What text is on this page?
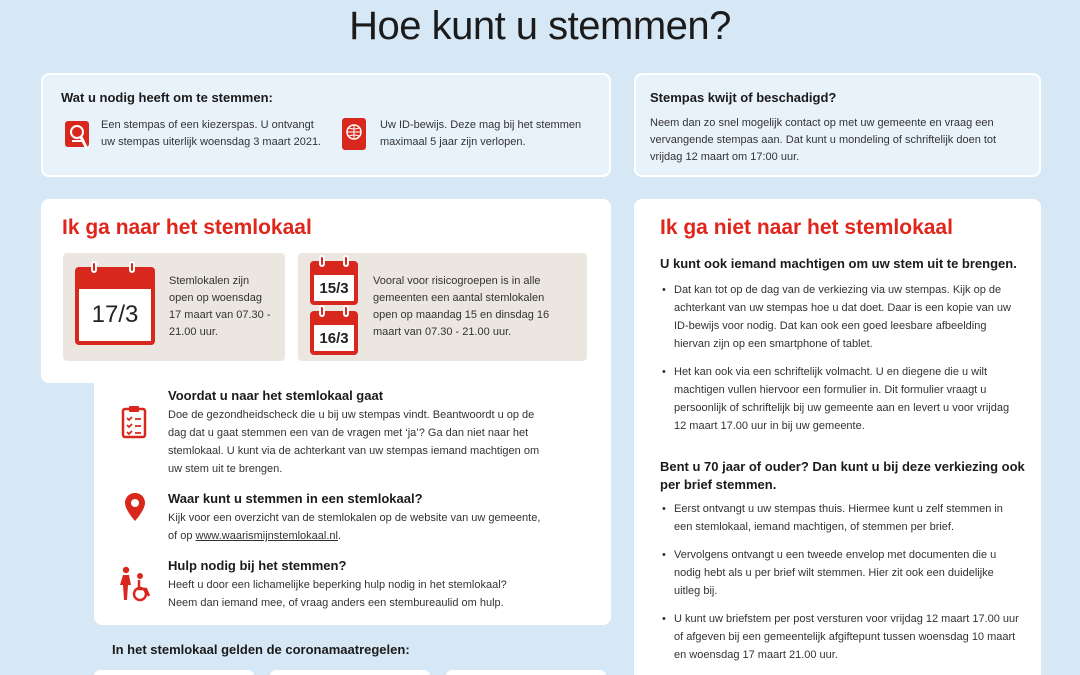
Hoe kunt u stemmen?
Wat u nodig heeft om te stemmen:
Een stempas of een kiezerspas. U ontvangt
uw stempas uiterlijk woensdag 3 maart 2021.
Uw ID-bewijs. Deze mag bij het stemmen
maximaal 5 jaar zijn verlopen.
Stempas kwijt of beschadigd?
Neem dan zo snel mogelijk contact op met uw gemeente en vraag een
vervangende stempas aan. Dat kunt u mondeling of schriftelijk doen tot
vrijdag 12 maart om 17:00 uur.
Ik ga naar het stemlokaal
17/3
Stemlokalen zijn
open op woensdag
17 maart van 07.30 -
21.00 uur.
15/3
16/3
Vooral voor risicogroepen is in alle
gemeenten een aantal stemlokalen
open op maandag 15 en dinsdag 16
maart van 07.30 - 21.00 uur.
Voordat u naar het stemlokaal gaat
Doe de gezondheidscheck die u bij uw stempas vindt. Beantwoordt u op de
dag dat u gaat stemmen een van de vragen met ‘ja’? Ga dan niet naar het
stemlokaal. U kunt via de achterkant van uw stempas iemand machtigen om
uw stem uit te brengen.
Waar kunt u stemmen in een stemlokaal?
Kijk voor een overzicht van de stemlokalen op de website van uw gemeente,
of op www.waarismijnstemlokaal.nl.
Hulp nodig bij het stemmen?
Heeft u door een lichamelijke beperking hulp nodig in het stemlokaal?
Neem dan iemand mee, of vraag anders een stembureaulid om hulp.
In het stemlokaal gelden de coronamaatregelen:
Ik ga niet naar het stemlokaal
U kunt ook iemand machtigen om uw stem uit te brengen.
• Dat kan tot op de dag van de verkiezing via uw stempas. Kijk op de achterkant van uw stempas hoe u dat doet. Daar is een kopie van uw ID-bewijs voor nodig. Dat kan ook een goed leesbare afbeelding hiervan zijn op een smartphone of tablet.
• Het kan ook via een schriftelijk volmacht. U en diegene die u wilt machtigen vullen hiervoor een formulier in. Dit formulier vraagt u persoonlijk of schriftelijk bij uw gemeente aan en levert u voor vrijdag 12 maart 17.00 uur in bij uw gemeente.
Bent u 70 jaar of ouder? Dan kunt u bij deze verkiezing ook
per brief stemmen.
• Eerst ontvangt u uw stempas thuis. Hiermee kunt u zelf stemmen in een stemlokaal, iemand machtigen, of stemmen per brief.
• Vervolgens ontvangt u een tweede envelop met documenten die u nodig hebt als u per brief wilt stemmen. Hier zit ook een duidelijke uitleg bij.
• U kunt uw briefstem per post versturen voor vrijdag 12 maart 17.00 uur of afgeven bij een gemeentelijk afgiftepunt tussen woensdag 10 maart en woensdag 17 maart 21.00 uur.
